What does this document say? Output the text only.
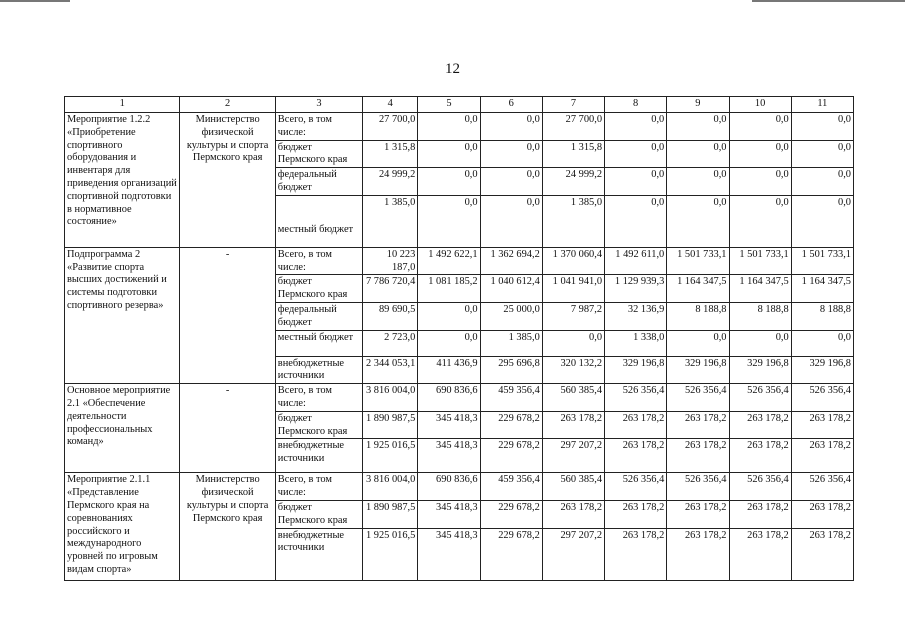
12
1	2	3	4	5	6	7	8	9	10	11
Мероприятие 1.2.2 «Приобретение спортивного оборудования и инвентаря для приведения организаций спортивной подготовки в нормативное состояние»	Министерство физической культуры и спорта Пермского края	Всего, в том числе:	27 700,0	0,0	0,0	27 700,0	0,0	0,0	0,0	0,0
		бюджет Пермского края	1 315,8	0,0	0,0	1 315,8	0,0	0,0	0,0	0,0
		федеральный бюджет	24 999,2	0,0	0,0	24 999,2	0,0	0,0	0,0	0,0
		местный бюджет	1 385,0	0,0	0,0	1 385,0	0,0	0,0	0,0	0,0
Подпрограмма 2 «Развитие спорта высших достижений и системы подготовки спортивного резерва»	-	Всего, в том числе:	10 223 187,0	1 492 622,1	1 362 694,2	1 370 060,4	1 492 611,0	1 501 733,1	1 501 733,1	1 501 733,1
		бюджет Пермского края	7 786 720,4	1 081 185,2	1 040 612,4	1 041 941,0	1 129 939,3	1 164 347,5	1 164 347,5	1 164 347,5
		федеральный бюджет	89 690,5	0,0	25 000,0	7 987,2	32 136,9	8 188,8	8 188,8	8 188,8
		местный бюджет	2 723,0	0,0	1 385,0	0,0	1 338,0	0,0	0,0	0,0
		внебюджетные источники	2 344 053,1	411 436,9	295 696,8	320 132,2	329 196,8	329 196,8	329 196,8	329 196,8
Основное мероприятие 2.1 «Обеспечение деятельности профессиональных команд»	-	Всего, в том числе:	3 816 004,0	690 836,6	459 356,4	560 385,4	526 356,4	526 356,4	526 356,4	526 356,4
		бюджет Пермского края	1 890 987,5	345 418,3	229 678,2	263 178,2	263 178,2	263 178,2	263 178,2	263 178,2
		внебюджетные источники	1 925 016,5	345 418,3	229 678,2	297 207,2	263 178,2	263 178,2	263 178,2	263 178,2
Мероприятие 2.1.1 «Представление Пермского края на соревнованиях российского и международного уровней по игровым видам спорта»	Министерство физической культуры и спорта Пермского края	Всего, в том числе:	3 816 004,0	690 836,6	459 356,4	560 385,4	526 356,4	526 356,4	526 356,4	526 356,4
		бюджет Пермского края	1 890 987,5	345 418,3	229 678,2	263 178,2	263 178,2	263 178,2	263 178,2	263 178,2
		внебюджетные источники	1 925 016,5	345 418,3	229 678,2	297 207,2	263 178,2	263 178,2	263 178,2	263 178,2
